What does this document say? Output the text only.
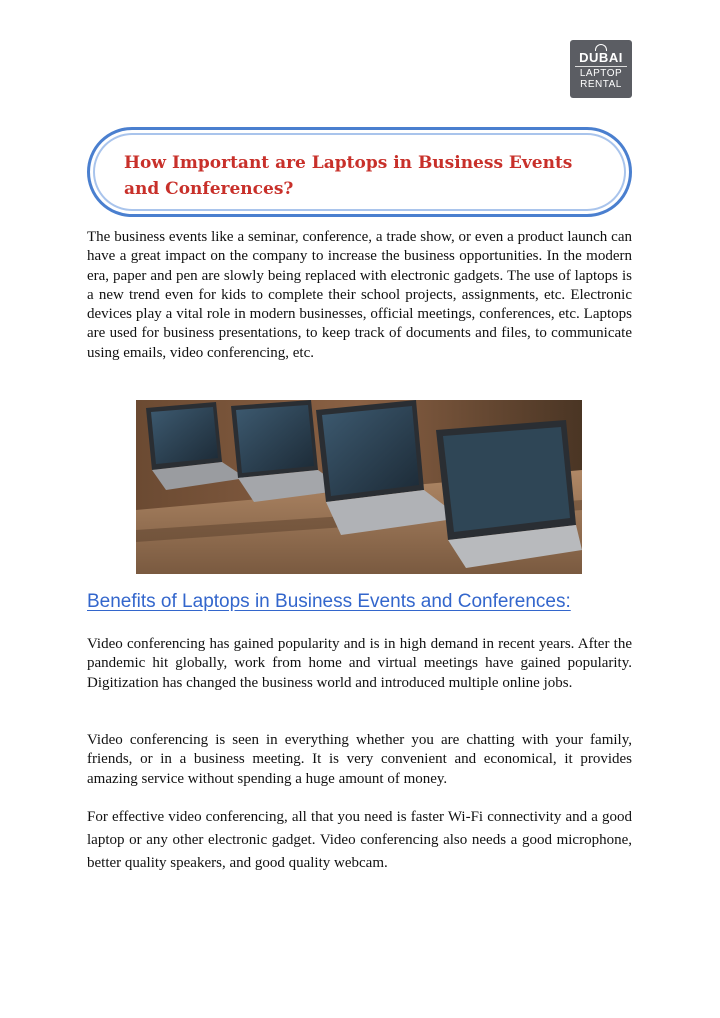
DUBAI
LAPTOP
RENTAL
How Important are Laptops in Business Events and Conferences?

The business events like a seminar, conference, a trade show, or even a product launch can have a great impact on the company to increase the business opportunities. In the modern era, paper and pen are slowly being replaced with electronic gadgets. The use of laptops is a new trend even for kids to complete their school projects, assignments, etc. Electronic devices play a vital role in modern businesses, official meetings, conferences, etc. Laptops are used for business presentations, to keep track of documents and files, to communicate using emails, video conferencing, etc.

Benefits of Laptops in Business Events and Conferences:

Video conferencing has gained popularity and is in high demand in recent years. After the pandemic hit globally, work from home and virtual meetings have gained popularity. Digitization has changed the business world and introduced multiple online jobs.

Video conferencing is seen in everything whether you are chatting with your family, friends, or in a business meeting. It is very convenient and economical, it provides amazing service without spending a huge amount of money.

For effective video conferencing, all that you need is faster Wi-Fi connectivity and a good laptop or any other electronic gadget. Video conferencing also needs a good microphone, better quality speakers, and good quality webcam.
